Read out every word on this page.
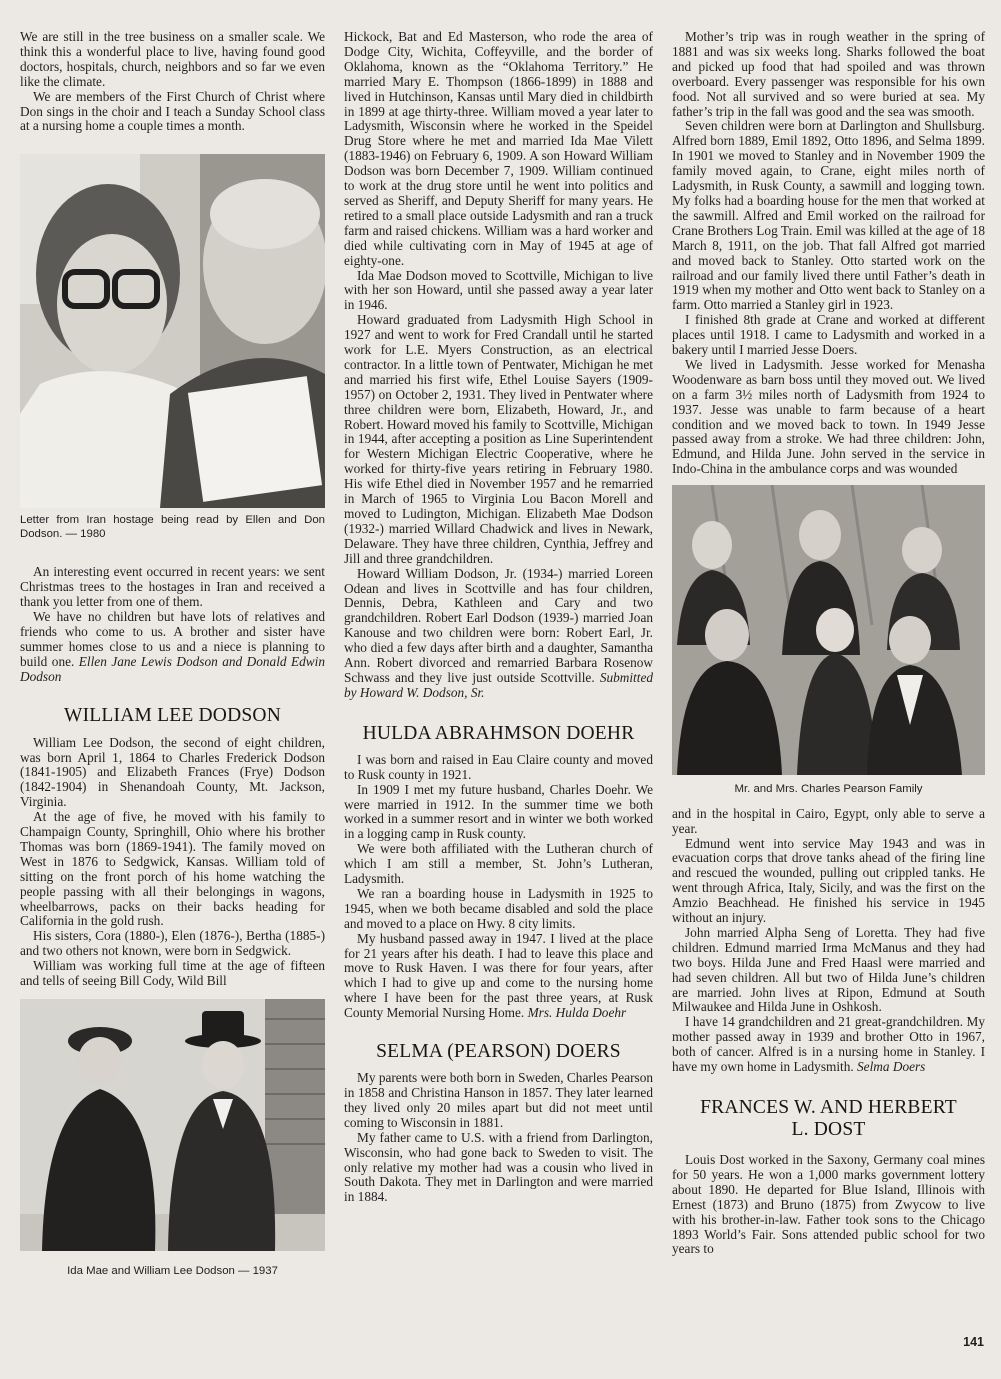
We are still in the tree business on a smaller scale. We think this a wonderful place to live, having found good doctors, hospitals, church, neighbors and so far we even like the climate.

We are members of the First Church of Christ where Don sings in the choir and I teach a Sunday School class at a nursing home a couple times a month.

Letter from Iran hostage being read by Ellen and Don Dodson. — 1980

An interesting event occurred in recent years: we sent Christmas trees to the hostages in Iran and received a thank you letter from one of them.

We have no children but have lots of relatives and friends who come to us. A brother and sister have summer homes close to us and a niece is planning to build one. Ellen Jane Lewis Dodson and Donald Edwin Dodson

WILLIAM LEE DODSON

William Lee Dodson, the second of eight children, was born April 1, 1864 to Charles Frederick Dodson (1841-1905) and Elizabeth Frances (Frye) Dodson (1842-1904) in Shenandoah County, Mt. Jackson, Virginia.

At the age of five, he moved with his family to Champaign County, Springhill, Ohio where his brother Thomas was born (1869-1941). The family moved on West in 1876 to Sedgwick, Kansas. William told of sitting on the front porch of his home watching the people passing with all their belongings in wagons, wheelbarrows, packs on their backs heading for California in the gold rush.

His sisters, Cora (1880-), Elen (1876-), Bertha (1885-) and two others not known, were born in Sedgwick.

William was working full time at the age of fifteen and tells of seeing Bill Cody, Wild Bill

Ida Mae and William Lee Dodson — 1937

Hickock, Bat and Ed Masterson, who rode the area of Dodge City, Wichita, Coffeyville, and the border of Oklahoma, known as the “Oklahoma Territory.” He married Mary E. Thompson (1866-1899) in 1888 and lived in Hutchinson, Kansas until Mary died in childbirth in 1899 at age thirty-three. William moved a year later to Ladysmith, Wisconsin where he worked in the Speidel Drug Store where he met and married Ida Mae Vilett (1883-1946) on February 6, 1909. A son Howard William Dodson was born December 7, 1909. William continued to work at the drug store until he went into politics and served as Sheriff, and Deputy Sheriff for many years. He retired to a small place outside Ladysmith and ran a truck farm and raised chickens. William was a hard worker and died while cultivating corn in May of 1945 at age of eighty-one.

Ida Mae Dodson moved to Scottville, Michigan to live with her son Howard, until she passed away a year later in 1946.

Howard graduated from Ladysmith High School in 1927 and went to work for Fred Crandall until he started work for L.E. Myers Construction, as an electrical contractor. In a little town of Pentwater, Michigan he met and married his first wife, Ethel Louise Sayers (1909-1957) on October 2, 1931. They lived in Pentwater where three children were born, Elizabeth, Howard, Jr., and Robert. Howard moved his family to Scottville, Michigan in 1944, after accepting a position as Line Superintendent for Western Michigan Electric Cooperative, where he worked for thirty-five years retiring in February 1980. His wife Ethel died in November 1957 and he remarried in March of 1965 to Virginia Lou Bacon Morell and moved to Ludington, Michigan. Elizabeth Mae Dodson (1932-) married Willard Chadwick and lives in Newark, Delaware. They have three children, Cynthia, Jeffrey and Jill and three grandchildren.

Howard William Dodson, Jr. (1934-) married Loreen Odean and lives in Scottville and has four children, Dennis, Debra, Kathleen and Cary and two grandchildren. Robert Earl Dodson (1939-) married Joan Kanouse and two children were born: Robert Earl, Jr. who died a few days after birth and a daughter, Samantha Ann. Robert divorced and remarried Barbara Rosenow Schwass and they live just outside Scottville. Submitted by Howard W. Dodson, Sr.

HULDA ABRAHMSON DOEHR

I was born and raised in Eau Claire county and moved to Rusk county in 1921.

In 1909 I met my future husband, Charles Doehr. We were married in 1912. In the summer time we both worked in a summer resort and in winter we both worked in a logging camp in Rusk county.

We were both affiliated with the Lutheran church of which I am still a member, St. John’s Lutheran, Ladysmith.

We ran a boarding house in Ladysmith in 1925 to 1945, when we both became disabled and sold the place and moved to a place on Hwy. 8 city limits.

My husband passed away in 1947. I lived at the place for 21 years after his death. I had to leave this place and move to Rusk Haven. I was there for four years, after which I had to give up and come to the nursing home where I have been for the past three years, at Rusk County Memorial Nursing Home. Mrs. Hulda Doehr

SELMA (PEARSON) DOERS

My parents were both born in Sweden, Charles Pearson in 1858 and Christina Hanson in 1857. They later learned they lived only 20 miles apart but did not meet until coming to Wisconsin in 1881.

My father came to U.S. with a friend from Darlington, Wisconsin, who had gone back to Sweden to visit. The only relative my mother had was a cousin who lived in South Dakota. They met in Darlington and were married in 1884.

Mother’s trip was in rough weather in the spring of 1881 and was six weeks long. Sharks followed the boat and picked up food that had spoiled and was thrown overboard. Every passenger was responsible for his own food. Not all survived and so were buried at sea. My father’s trip in the fall was good and the sea was smooth.

Seven children were born at Darlington and Shullsburg. Alfred born 1889, Emil 1892, Otto 1896, and Selma 1899. In 1901 we moved to Stanley and in November 1909 the family moved again, to Crane, eight miles north of Ladysmith, in Rusk County, a sawmill and logging town. My folks had a boarding house for the men that worked at the sawmill. Alfred and Emil worked on the railroad for Crane Brothers Log Train. Emil was killed at the age of 18 March 8, 1911, on the job. That fall Alfred got married and moved back to Stanley. Otto started work on the railroad and our family lived there until Father’s death in 1919 when my mother and Otto went back to Stanley on a farm. Otto married a Stanley girl in 1923.

I finished 8th grade at Crane and worked at different places until 1918. I came to Ladysmith and worked in a bakery until I married Jesse Doers.

We lived in Ladysmith. Jesse worked for Menasha Woodenware as barn boss until they moved out. We lived on a farm 3½ miles north of Ladysmith from 1924 to 1937. Jesse was unable to farm because of a heart condition and we moved back to town. In 1949 Jesse passed away from a stroke. We had three children: John, Edmund, and Hilda June. John served in the service in Indo-China in the ambulance corps and was wounded

Mr. and Mrs. Charles Pearson Family

and in the hospital in Cairo, Egypt, only able to serve a year.

Edmund went into service May 1943 and was in evacuation corps that drove tanks ahead of the firing line and rescued the wounded, pulling out crippled tanks. He went through Africa, Italy, Sicily, and was the first on the Amzio Beachhead. He finished his service in 1945 without an injury.

John married Alpha Seng of Loretta. They had five children. Edmund married Irma McManus and they had two boys. Hilda June and Fred Haasl were married and had seven children. All but two of Hilda June’s children are married. John lives at Ripon, Edmund at South Milwaukee and Hilda June in Oshkosh.

I have 14 grandchildren and 21 great-grandchildren. My mother passed away in 1939 and brother Otto in 1967, both of cancer. Alfred is in a nursing home in Stanley. I have my own home in Ladysmith. Selma Doers

FRANCES W. AND HERBERT L. DOST

Louis Dost worked in the Saxony, Germany coal mines for 50 years. He won a 1,000 marks government lottery about 1890. He departed for Blue Island, Illinois with Ernest (1873) and Bruno (1875) from Zwycow to live with his brother-in-law. Father took sons to the Chicago 1893 World’s Fair. Sons attended public school for two years to

141
